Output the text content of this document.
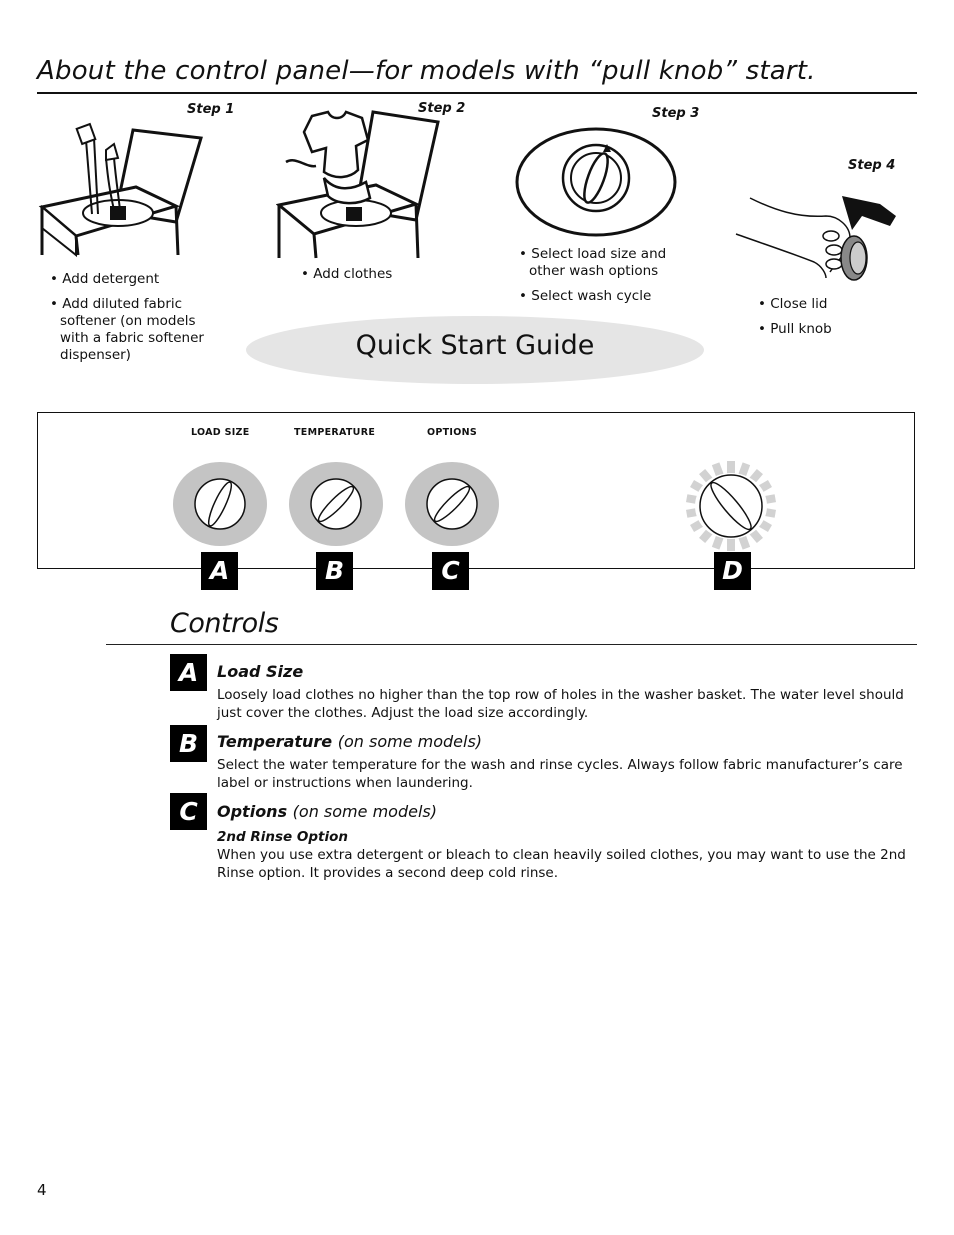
About the control panel—for models with “pull knob” start.
Step 1	Step 2	Step 3
Step 4
• Add detergent
• Add diluted fabric softener (on models with a fabric softener dispenser)
• Add clothes
• Select load size and other wash options
• Select wash cycle	• Close lid
• Pull knob
Quick Start Guide
LOAD SIZE	TEMPERATURE	OPTIONS
A	B	C	D
Controls
A	Load Size
Loosely load clothes no higher than the top row of holes in the washer basket. The water level should just cover the clothes. Adjust the load size accordingly.
B	Temperature (on some models)
Select the water temperature for the wash and rinse cycles. Always follow fabric manufacturer’s care label or instructions when laundering.
C	Options (on some models)
2nd Rinse Option
When you use extra detergent or bleach to clean heavily soiled clothes, you may want to use the 2nd Rinse option. It provides a second deep cold rinse.
4
